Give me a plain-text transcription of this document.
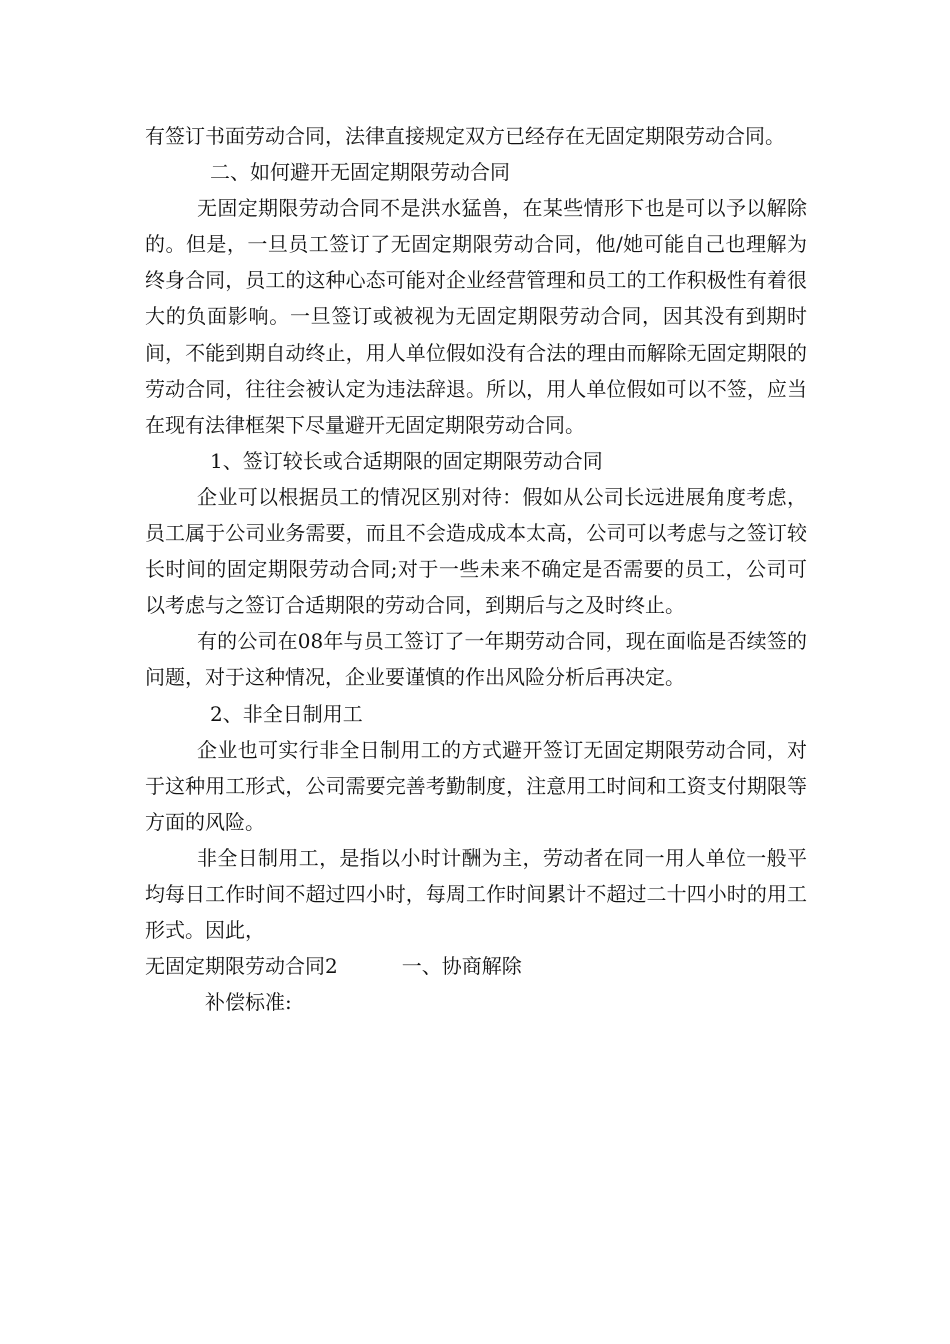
有签订书面劳动合同，法律直接规定双方已经存在无固定期限劳动合同。

二、如何避开无固定期限劳动合同

无固定期限劳动合同不是洪水猛兽，在某些情形下也是可以予以解除的。但是，一旦员工签订了无固定期限劳动合同，他/她可能自己也理解为终身合同，员工的这种心态可能对企业经营管理和员工的工作积极性有着很大的负面影响。一旦签订或被视为无固定期限劳动合同，因其没有到期时间，不能到期自动终止，用人单位假如没有合法的理由而解除无固定期限的劳动合同，往往会被认定为违法辞退。所以，用人单位假如可以不签，应当在现有法律框架下尽量避开无固定期限劳动合同。

1、签订较长或合适期限的固定期限劳动合同

企业可以根据员工的情况区别对待：假如从公司长远进展角度考虑，员工属于公司业务需要，而且不会造成成本太高，公司可以考虑与之签订较长时间的固定期限劳动合同;对于一些未来不确定是否需要的员工，公司可以考虑与之签订合适期限的劳动合同，到期后与之及时终止。

有的公司在08年与员工签订了一年期劳动合同，现在面临是否续签的问题，对于这种情况，企业要谨慎的作出风险分析后再决定。

2、非全日制用工

企业也可实行非全日制用工的方式避开签订无固定期限劳动合同，对于这种用工形式，公司需要完善考勤制度，注意用工时间和工资支付期限等方面的风险。

非全日制用工，是指以小时计酬为主，劳动者在同一用人单位一般平均每日工作时间不超过四小时，每周工作时间累计不超过二十四小时的用工形式。因此，

无固定期限劳动合同2	一、协商解除

补偿标准:
